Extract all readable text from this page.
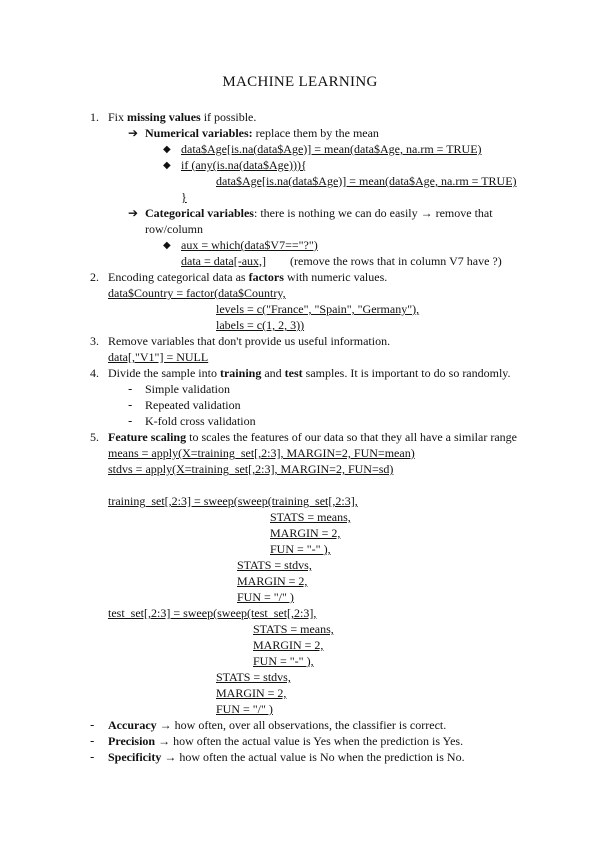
MACHINE LEARNING
1. Fix missing values if possible.
➔ Numerical variables: replace them by the mean
◆ data$Age[is.na(data$Age)] = mean(data$Age, na.rm = TRUE)
◆ if (any(is.na(data$Age))){
data$Age[is.na(data$Age)] = mean(data$Age, na.rm = TRUE)
}
➔ Categorical variables: there is nothing we can do easily → remove that
row/column
◆ aux = which(data$V7=="?")
data = data[-aux,] (remove the rows that in column V7 have ?)
2. Encoding categorical data as factors with numeric values.
data$Country = factor(data$Country,
levels = c("France", "Spain", "Germany"),
labels = c(1, 2, 3))
3. Remove variables that don't provide us useful information.
data[,"V1"] = NULL
4. Divide the sample into training and test samples. It is important to do so randomly.
- Simple validation
- Repeated validation
- K-fold cross validation
5. Feature scaling to scales the features of our data so that they all have a similar range
means = apply(X=training_set[,2:3], MARGIN=2, FUN=mean)
stdvs = apply(X=training_set[,2:3], MARGIN=2, FUN=sd)
training_set[,2:3] = sweep(sweep(training_set[,2:3],
STATS = means,
MARGIN = 2,
FUN = "-" ),
STATS = stdvs,
MARGIN = 2,
FUN = "/" )
test_set[,2:3] = sweep(sweep(test_set[,2:3],
STATS = means,
MARGIN = 2,
FUN = "-" ),
STATS = stdvs,
MARGIN = 2,
FUN = "/" )
- Accuracy → how often, over all observations, the classifier is correct.
- Precision → how often the actual value is Yes when the prediction is Yes.
- Specificity → how often the actual value is No when the prediction is No.
